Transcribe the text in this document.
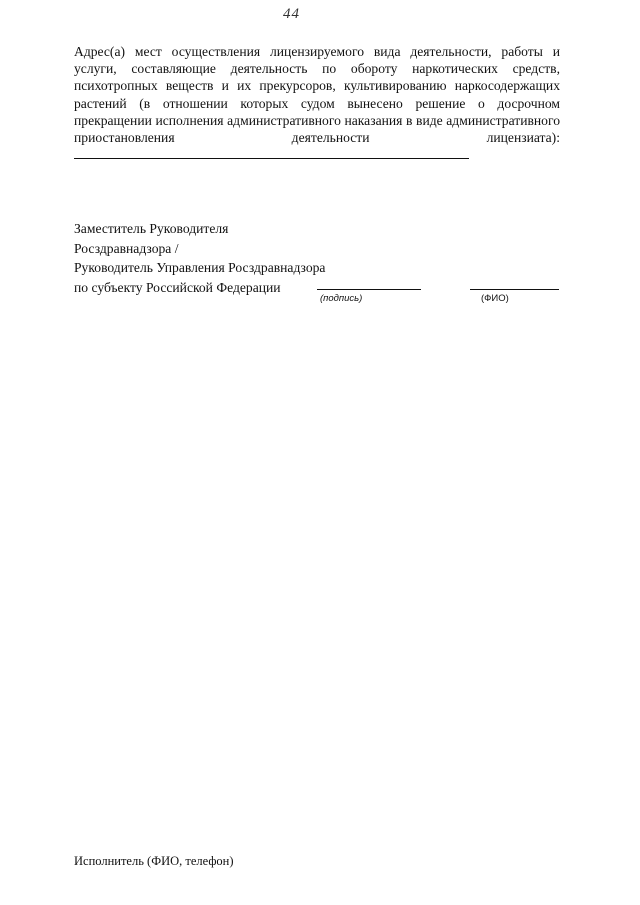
44
Адрес(а) мест осуществления лицензируемого вида деятельности, работы и услуги, составляющие деятельность по обороту наркотических средств, психотропных веществ и их прекурсоров, культивированию наркосодержащих растений (в отношении которых судом вынесено решение о досрочном прекращении исполнения административного наказания в виде административного приостановления деятельности лицензиата):
Заместитель Руководителя
Росздравнадзора /
Руководитель Управления Росздравнадзора
по субъекту Российской Федерации
(подпись)	(ФИО)
Исполнитель (ФИО, телефон)
